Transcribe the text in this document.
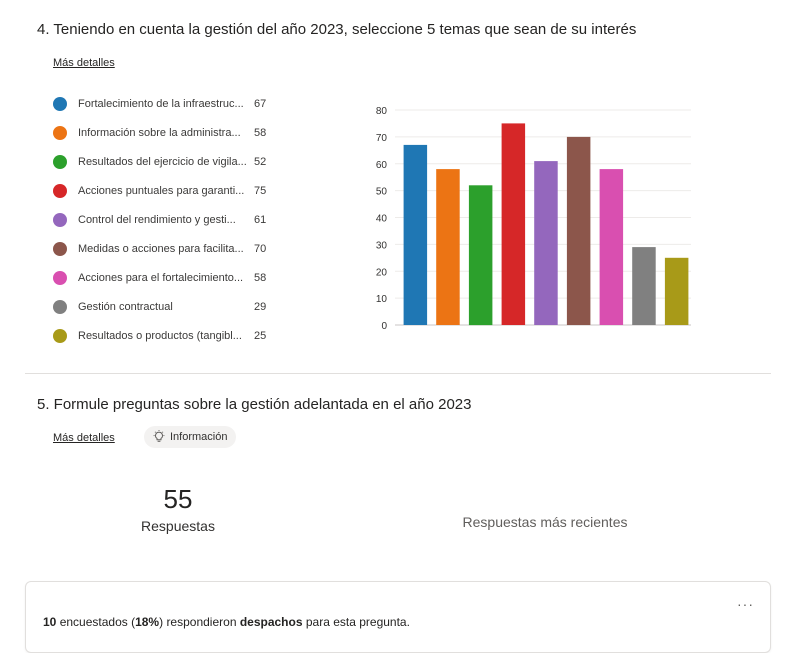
4. Teniendo en cuenta la gestión del año 2023, seleccione 5 temas que sean de su interés
Más detalles
Fortalecimiento de la infraestruc... 67
Información sobre la administra...	58
Resultados del ejercicio de vigila... 52
Acciones puntuales para garanti... 75
Control del rendimiento y gesti...	61
Medidas o acciones para facilita... 70
Acciones para el fortalecimiento... 58
Gestión contractual	29
Resultados o productos (tangibl...	25
0
10
20
30
40
50
60
70
80
5. Formule preguntas sobre la gestión adelantada en el año 2023
Más detalles	Información
55
Respuestas	Respuestas más recientes
···
10 encuestados (18%) respondieron despachos para esta pregunta.
